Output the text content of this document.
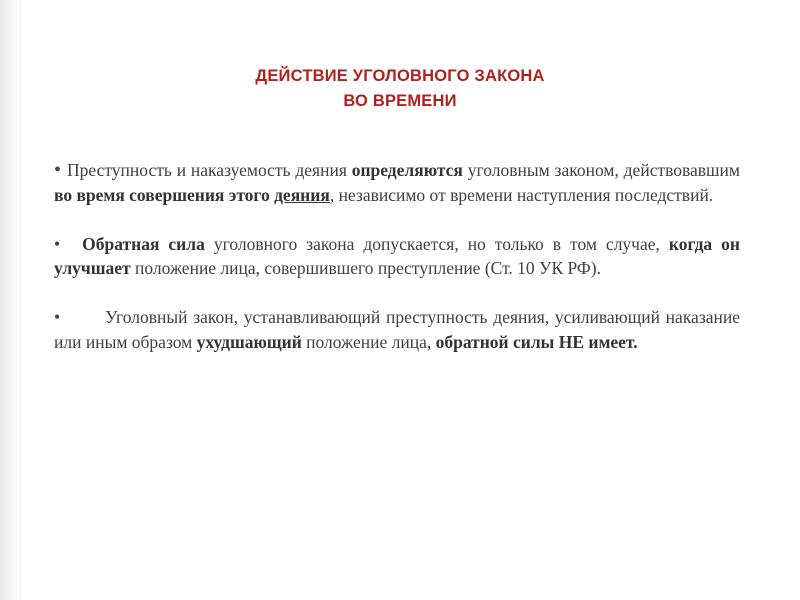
ДЕЙСТВИЕ УГОЛОВНОГО ЗАКОНА
ВО ВРЕМЕНИ

• Преступность и наказуемость деяния определяются уголовным законом, действовавшим во время совершения этого деяния, независимо от времени наступления последствий.

• Обратная сила уголовного закона допускается, но только в том случае, когда он улучшает положение лица, совершившего преступление (Ст. 10 УК РФ).

•	Уголовный закон, устанавливающий преступность деяния, усиливающий наказание или иным образом ухудшающий положение лица, обратной силы НЕ имеет.
